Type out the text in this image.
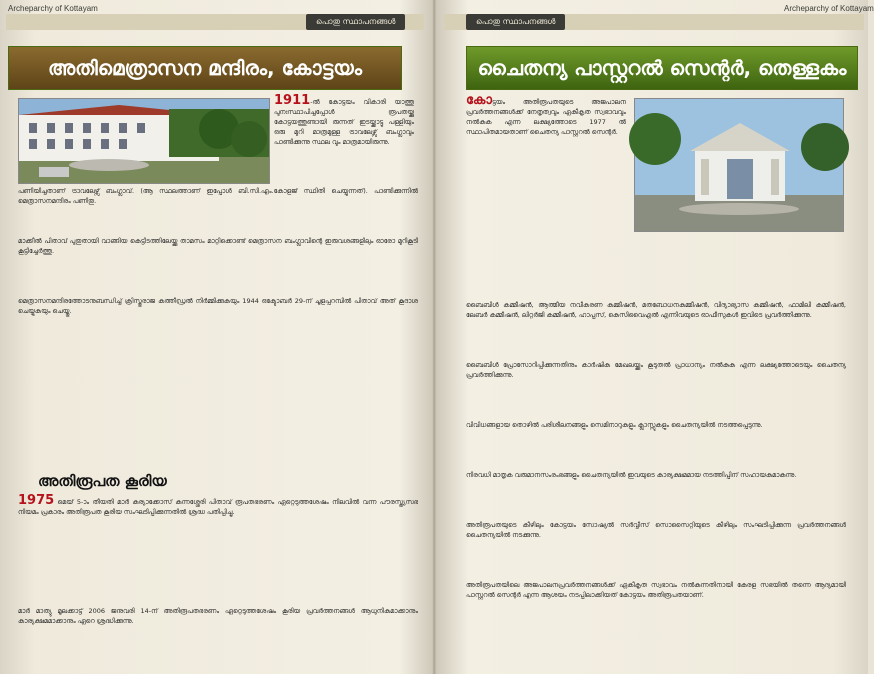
Archeparchy of Kottayam
പൊതു സ്ഥാപനങ്ങൾ
അതിമെത്രാസന മന്ദിരം, കോട്ടയം
1911-ൽ കോട്ടയം വികാരി യാത്തു പുനഃസ്ഥാപിച്ചപ്പോൾ രൂപതയ്ക്കു കോട്ടയത്തുണ്ടായി രുന്നത് ഇടയ്ക്കാട്ടു പള്ളിയും ഒരു മുറി മാത്രമുള്ള ട്രാവലേഴ്സ് ബംഗ്ലാവും പാണ്ടിക്കുന്നു സ്ഥല വും മാത്രമായിരുന്നു.
പണിയിച്ചതാണ് ട്രാവലേഴ്സ് ബംഗ്ലാവ്. (ആ സ്ഥലത്താണ് ഇപ്പോൾ ബി.സി.എം.കോളജ് സ്ഥിതി ചെയ്യുന്നത്). പാണ്ടിക്കുന്നിൽ മെത്രാസനമന്ദിരം പണിതു.
മാക്കീൽ പിതാവ് പുതുതായി വാങ്ങിയ കെട്ടിടത്തിലേയ്ക്കു താമസം മാറ്റിക്കൊണ്ട് മെത്രാസന ബംഗ്ലാവിന്റെ ഇരുവശങ്ങളിലും ഓരോ മുറികൂടി കൂട്ടിച്ചേർത്തു.
മെത്രാസനമന്ദിരത്തോടനുബന്ധിച്ച് ക്രിസ്തുരാജ കത്തീഡ്രൽ നിർമ്മിക്കുകയും 1944 ഒക്ടോബർ 29-ന് ചൂളപ്പറമ്പിൽ പിതാവ് അത് കൂദാശ ചെയ്യുകയും ചെയ്തു.
അതിരൂപത കൂരിയ
1975 മെയ് 5-ാം തീയതി മാർ കുര്യാക്കോസ് കുന്നശ്ശേരി പിതാവ് രൂപതഭരണം ഏറ്റെടുത്തശേഷം നിലവിൽ വന്ന പൗരസ്ത്യസഭ നിയമം പ്രകാരം അതിരൂപത കൂരിയ സംഘടിപ്പിക്കുന്നതിൽ ശ്രദ്ധ പതിപ്പിച്ചു.
മാർ മാത്യു മൂലക്കാട്ട് 2006 ജനുവരി 14-ന് അതിരൂപതഭരണം ഏറ്റെടുത്തശേഷം കൂരിയ പ്രവർത്തനങ്ങൾ ആധുനികമാക്കാനും കാര്യക്ഷമമാക്കാനും ഏറെ ശ്രദ്ധിക്കുന്നു.
Archeparchy of Kottayam
പൊതു സ്ഥാപനങ്ങൾ
ചൈതന്യ പാസ്റ്ററൽ സെന്റർ, തെള്ളകം
കോട്ടയം അതിരൂപതയുടെ അജപാലന പ്രവർത്തനങ്ങൾക്ക് നേതൃത്വവും ഏകീകൃത സ്വഭാവവും നൽകുക എന്ന ലക്ഷ്യത്തോടെ 1977 ൽ സ്ഥാപിതമായതാണ് ചൈതന്യ പാസ്റ്ററൽ സെന്റർ.
ബൈബിൾ കമ്മീഷൻ, ആത്മീയ നവീകരണ കമ്മീഷൻ, മതബോധനകമ്മീഷൻ, വിദ്യാഭ്യാസ കമ്മീഷൻ, ഫാമിലി കമ്മീഷൻ, ലേബർ കമ്മീഷൻ, ലിറ്റർജി കമ്മീഷൻ, ഹാപ്പസ്, കെസിവൈഎൽ എന്നിവയുടെ ഓഫീസുകൾ ഇവിടെ പ്രവർത്തിക്കുന്നു.
ബൈബിൾ പ്രോസോറിപ്പിക്കുന്നതിനും കാർഷിക മേഖലയ്ക്കും കൂടുതൽ പ്രാധാന്യം നൽകുക എന്ന ലക്ഷ്യത്തോടെയും ചൈതന്യ പ്രവർത്തിക്കുന്നു.
വിവിധങ്ങളായ തൊഴിൽ പരിശീലനങ്ങളും സെമിനാറുകളും ക്ലാസ്സുകളും ചൈതന്യയിൽ നടത്തപ്പെടുന്നു.
നിരവധി മാതൃക വരുമാനസംരംഭങ്ങളും ചൈതന്യയിൽ ഇവയുടെ കാര്യക്ഷമമായ നടത്തിപ്പിന് സഹായകമാകുന്നു.
അതിരൂപതയുടെ കീഴിലും കോട്ടയം സോഷ്യൽ സർവ്വീസ് സൊസൈറ്റിയുടെ കീഴിലും സംഘടിപ്പിക്കുന്ന പ്രവർത്തനങ്ങൾ ചൈതന്യയിൽ നടക്കുന്നു.
അതിരൂപതയിലെ അജപാലനപ്രവർത്തനങ്ങൾക്ക് ഏകീകൃത സ്വഭാവം നൽകുന്നതിനായി കേരള സഭയിൽ തന്നെ ആദ്യമായി പാസ്റ്ററൽ സെന്റർ എന്ന ആശയം നടപ്പിലാക്കിയത് കോട്ടയം അതിരൂപതയാണ്.
